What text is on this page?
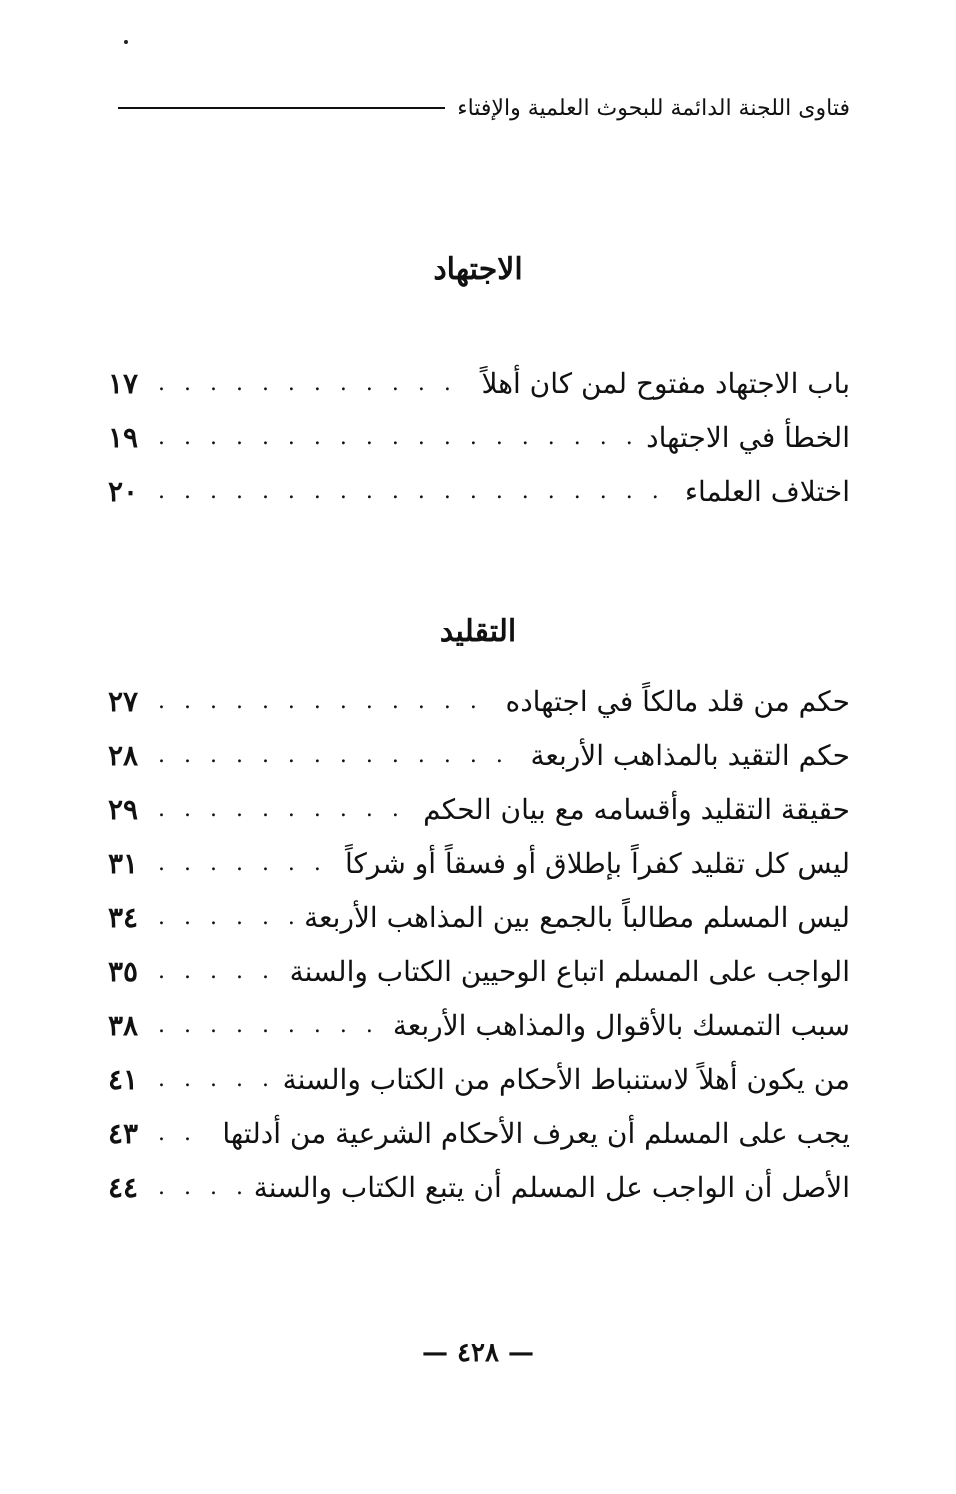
فتاوى اللجنة الدائمة للبحوث العلمية والإفتاء
الاجتهاد
باب الاجتهاد مفتوح لمن كان أهلاً
. . .
١٧
الخطأ في الاجتهاد
. . .
١٩
اختلاف العلماء
. . .
٢٠
التقليد
حكم من قلد مالكاً في اجتهاده
. . .
٢٧
حكم التقيد بالمذاهب الأربعة
. . .
٢٨
حقيقة التقليد وأقسامه مع بيان الحكم
. . .
٢٩
ليس كل تقليد كفراً بإطلاق أو فسقاً أو شركاً
. . .
٣١
ليس المسلم مطالباً بالجمع بين المذاهب الأربعة
. . .
٣٤
الواجب على المسلم اتباع الوحيين الكتاب والسنة
. . .
٣٥
سبب التمسك بالأقوال والمذاهب الأربعة
. . .
٣٨
من يكون أهلاً لاستنباط الأحكام من الكتاب والسنة
. . .
٤١
يجب على المسلم أن يعرف الأحكام الشرعية من أدلتها
. . .
٤٣
الأصل أن الواجب عل المسلم أن يتبع الكتاب والسنة
. . .
٤٤
— ٤٢٨ —
